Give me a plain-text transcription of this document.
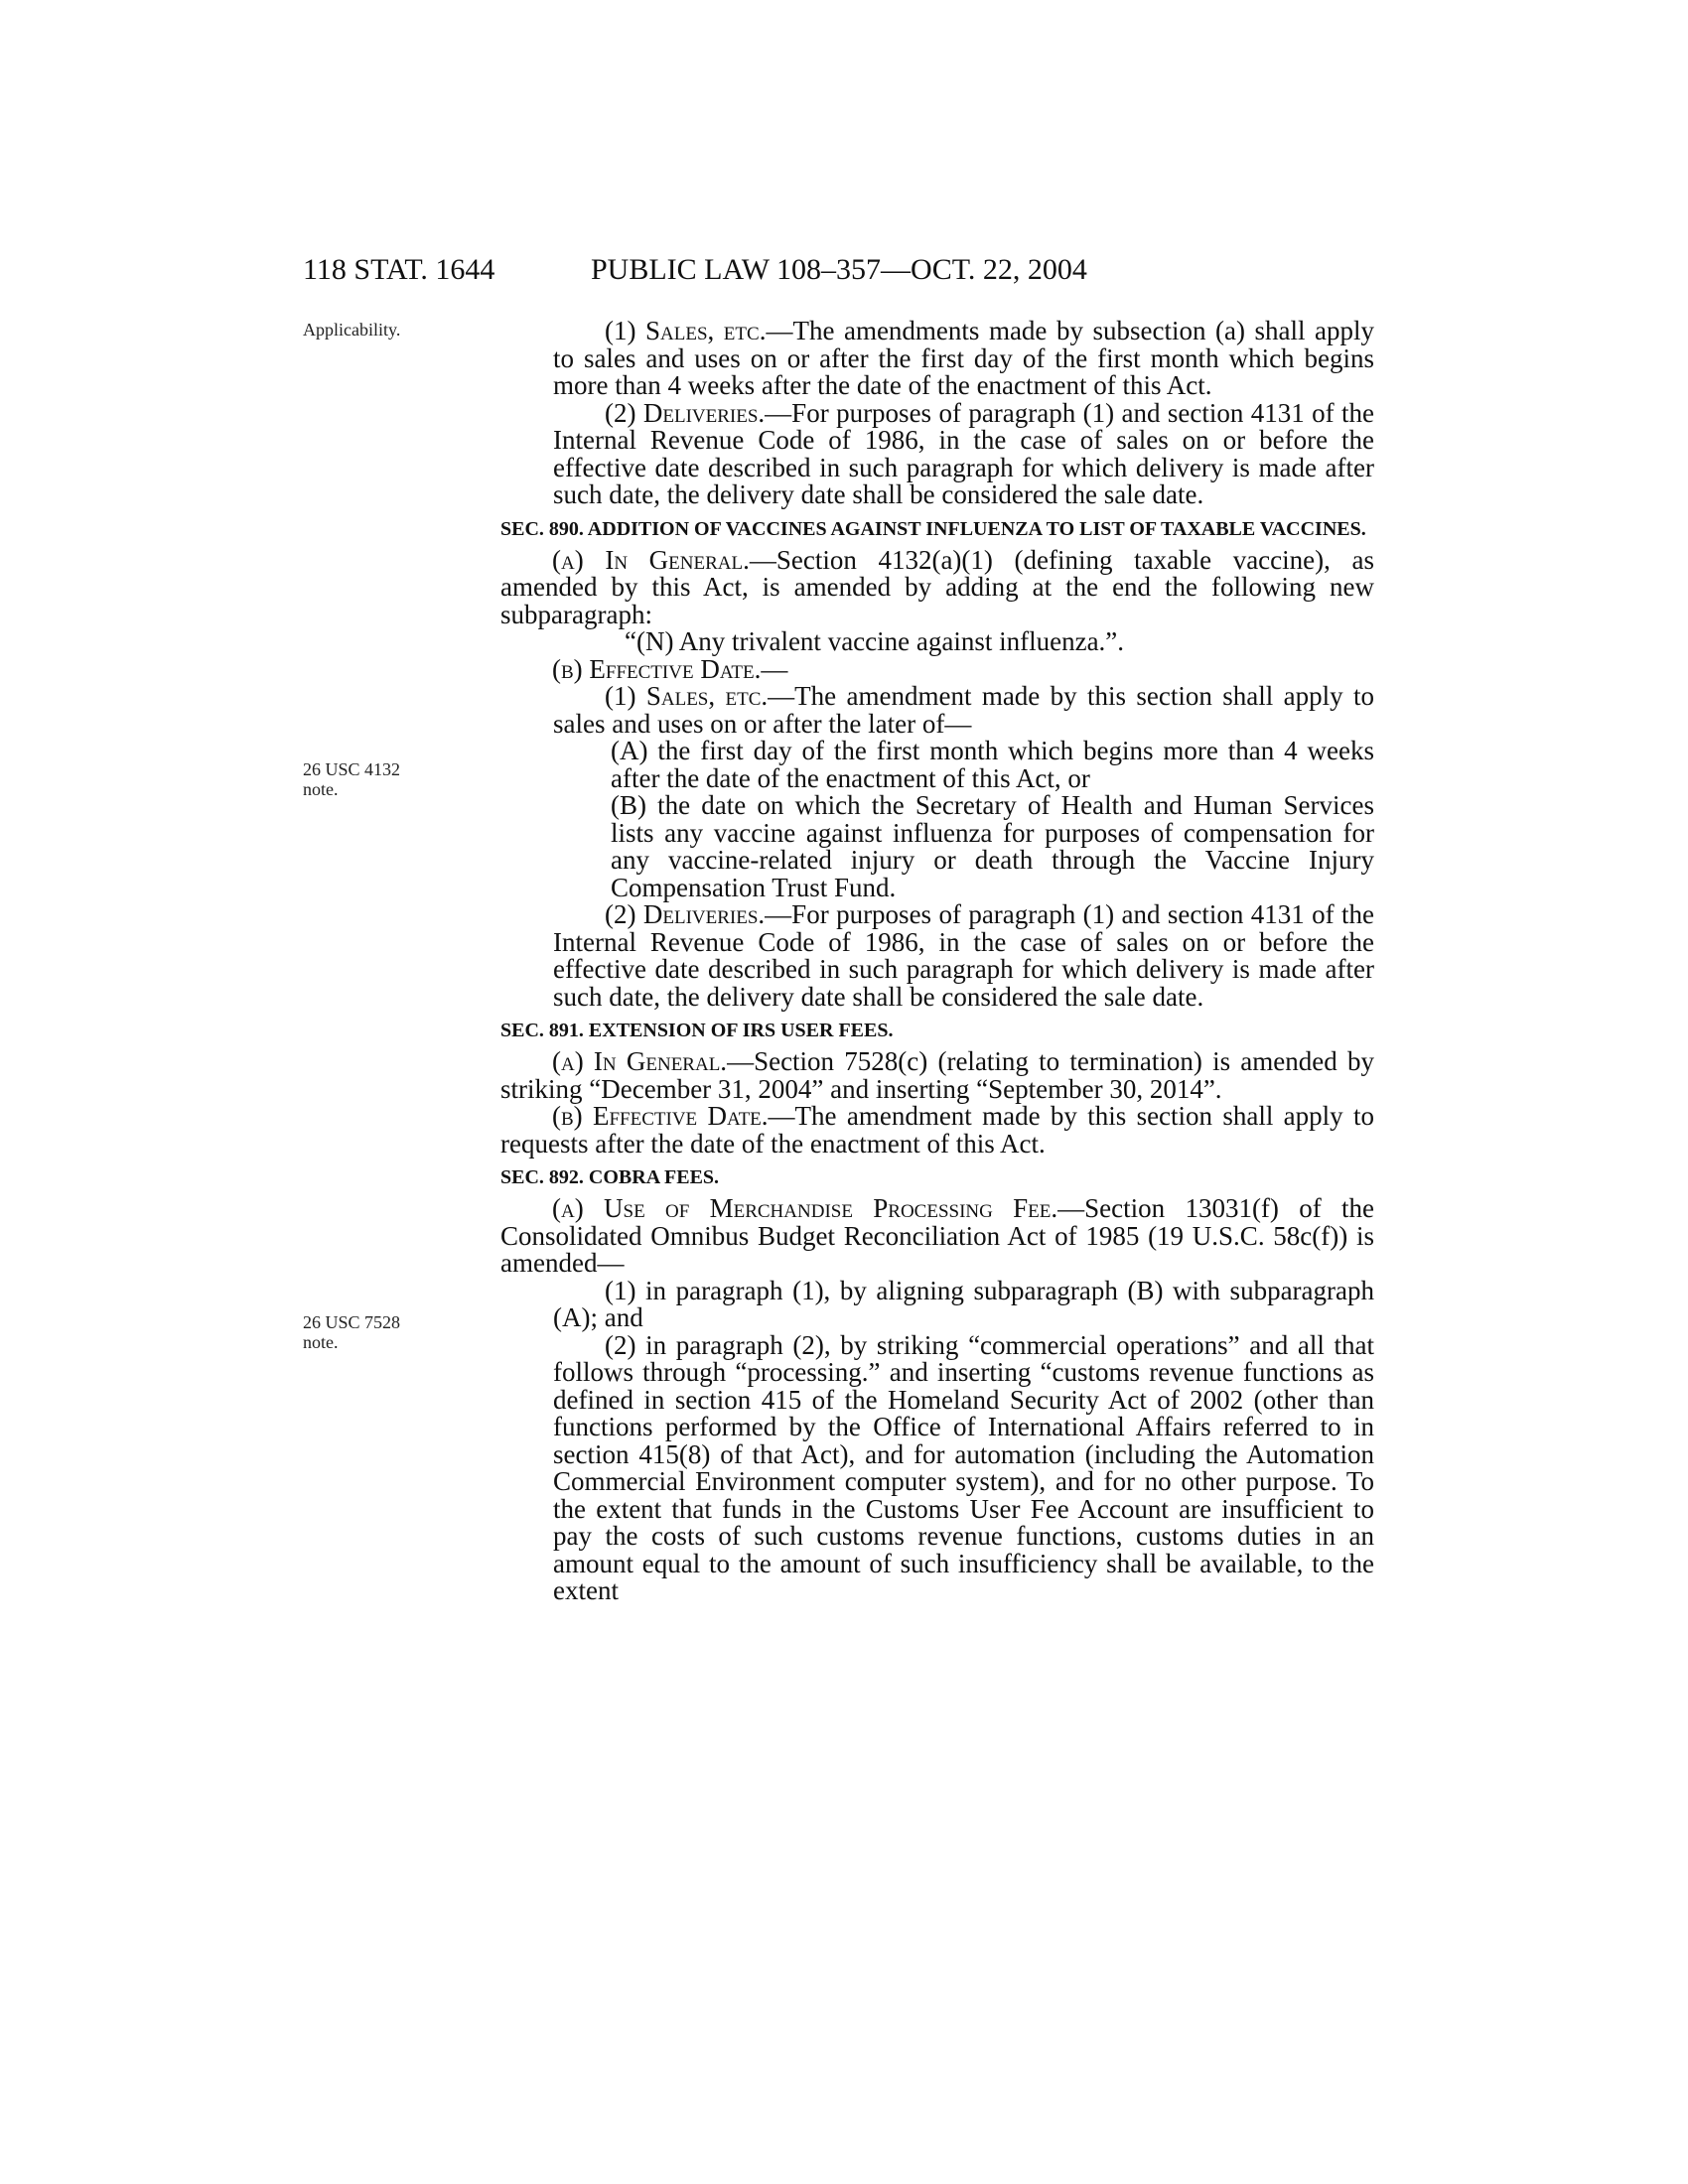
118 STAT. 1644	PUBLIC LAW 108–357—OCT. 22, 2004
Applicability.
26 USC 4132
note.
26 USC 7528
note.

(1) Sales, etc.—The amendments made by subsection (a) shall apply to sales and uses on or after the first day of the first month which begins more than 4 weeks after the date of the enactment of this Act.

(2) Deliveries.—For purposes of paragraph (1) and section 4131 of the Internal Revenue Code of 1986, in the case of sales on or before the effective date described in such paragraph for which delivery is made after such date, the delivery date shall be considered the sale date.

SEC. 890. ADDITION OF VACCINES AGAINST INFLUENZA TO LIST OF TAXABLE VACCINES.

(a) In General.—Section 4132(a)(1) (defining taxable vaccine), as amended by this Act, is amended by adding at the end the following new subparagraph:

“(N) Any trivalent vaccine against influenza.”.

(b) Effective Date.—

(1) Sales, etc.—The amendment made by this section shall apply to sales and uses on or after the later of—

(A) the first day of the first month which begins more than 4 weeks after the date of the enactment of this Act, or

(B) the date on which the Secretary of Health and Human Services lists any vaccine against influenza for purposes of compensation for any vaccine-related injury or death through the Vaccine Injury Compensation Trust Fund.

(2) Deliveries.—For purposes of paragraph (1) and section 4131 of the Internal Revenue Code of 1986, in the case of sales on or before the effective date described in such paragraph for which delivery is made after such date, the delivery date shall be considered the sale date.

SEC. 891. EXTENSION OF IRS USER FEES.

(a) In General.—Section 7528(c) (relating to termination) is amended by striking “December 31, 2004” and inserting “September 30, 2014”.

(b) Effective Date.—The amendment made by this section shall apply to requests after the date of the enactment of this Act.

SEC. 892. COBRA FEES.

(a) Use of Merchandise Processing Fee.—Section 13031(f) of the Consolidated Omnibus Budget Reconciliation Act of 1985 (19 U.S.C. 58c(f)) is amended—

(1) in paragraph (1), by aligning subparagraph (B) with subparagraph (A); and

(2) in paragraph (2), by striking “commercial operations” and all that follows through “processing.” and inserting “customs revenue functions as defined in section 415 of the Homeland Security Act of 2002 (other than functions performed by the Office of International Affairs referred to in section 415(8) of that Act), and for automation (including the Automation Commercial Environment computer system), and for no other purpose. To the extent that funds in the Customs User Fee Account are insufficient to pay the costs of such customs revenue functions, customs duties in an amount equal to the amount of such insufficiency shall be available, to the extent
